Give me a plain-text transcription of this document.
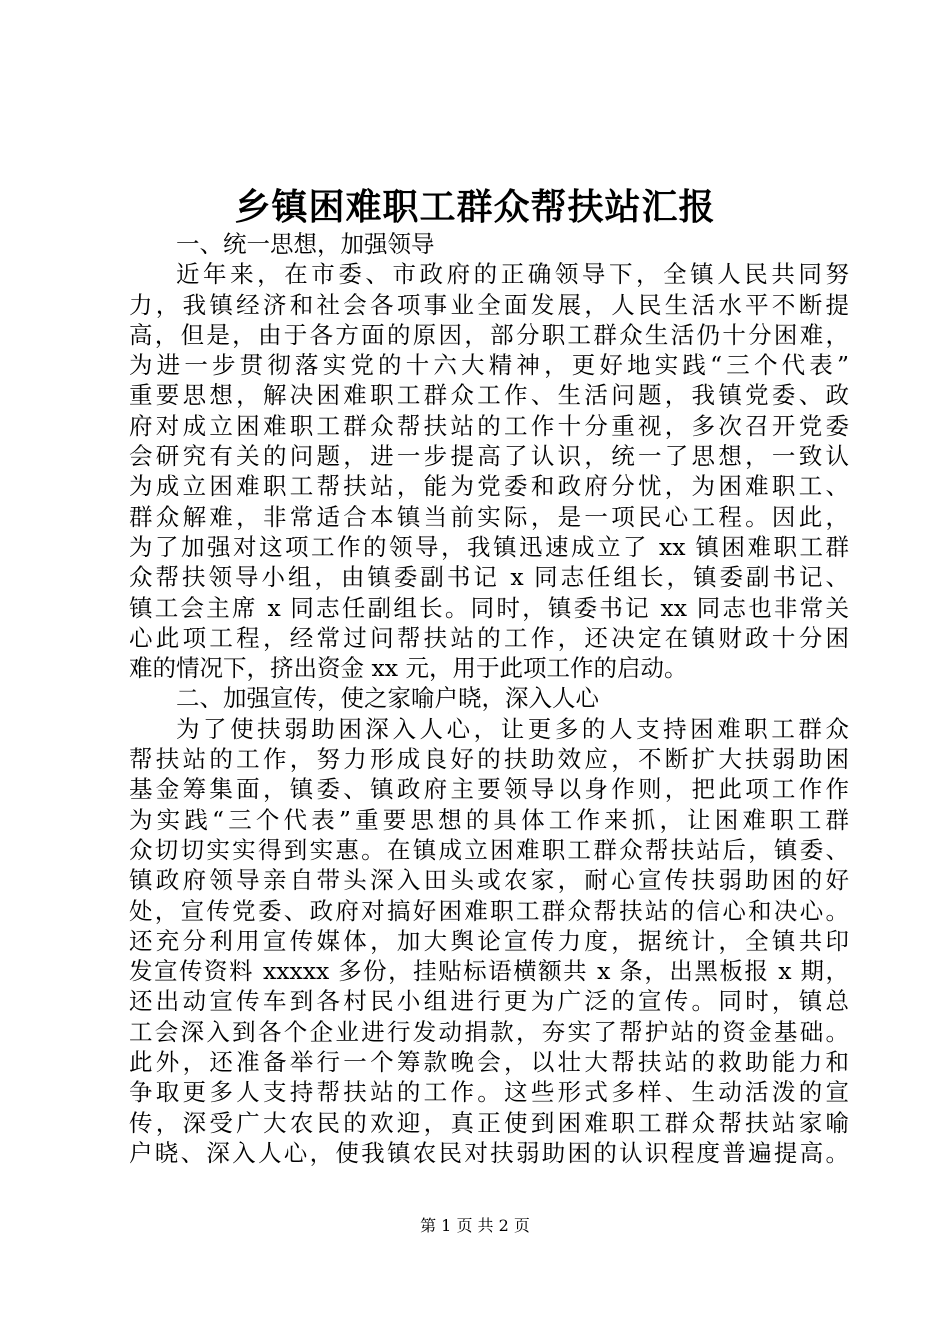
乡镇困难职工群众帮扶站汇报
一、统一思想，加强领导
近年来，在市委、市政府的正确领导下，全镇人民共同努
力，我镇经济和社会各项事业全面发展，人民生活水平不断提
高，但是，由于各方面的原因，部分职工群众生活仍十分困难，
为进一步贯彻落实党的十六大精神，更好地实践“三个代表”
重要思想，解决困难职工群众工作、生活问题，我镇党委、政
府对成立困难职工群众帮扶站的工作十分重视，多次召开党委
会研究有关的问题，进一步提高了认识，统一了思想，一致认
为成立困难职工帮扶站，能为党委和政府分忧，为困难职工、
群众解难，非常适合本镇当前实际，是一项民心工程。因此，
为了加强对这项工作的领导，我镇迅速成立了 xx 镇困难职工群
众帮扶领导小组，由镇委副书记 x 同志任组长，镇委副书记、
镇工会主席 x 同志任副组长。同时，镇委书记 xx 同志也非常关
心此项工程，经常过问帮扶站的工作，还决定在镇财政十分困
难的情况下，挤出资金 xx 元，用于此项工作的启动。
二、加强宣传，使之家喻户晓，深入人心
为了使扶弱助困深入人心，让更多的人支持困难职工群众
帮扶站的工作，努力形成良好的扶助效应，不断扩大扶弱助困
基金筹集面，镇委、镇政府主要领导以身作则，把此项工作作
为实践“三个代表”重要思想的具体工作来抓，让困难职工群
众切切实实得到实惠。在镇成立困难职工群众帮扶站后，镇委、
镇政府领导亲自带头深入田头或农家，耐心宣传扶弱助困的好
处，宣传党委、政府对搞好困难职工群众帮扶站的信心和决心。
还充分利用宣传媒体，加大舆论宣传力度，据统计，全镇共印
发宣传资料 xxxxx 多份，挂贴标语横额共 x 条，出黑板报 x 期，
还出动宣传车到各村民小组进行更为广泛的宣传。同时，镇总
工会深入到各个企业进行发动捐款，夯实了帮护站的资金基础。
此外，还准备举行一个筹款晚会，以壮大帮扶站的救助能力和
争取更多人支持帮扶站的工作。这些形式多样、生动活泼的宣
传，深受广大农民的欢迎，真正使到困难职工群众帮扶站家喻
户晓、深入人心，使我镇农民对扶弱助困的认识程度普遍提高。
第 1 页 共 2 页
